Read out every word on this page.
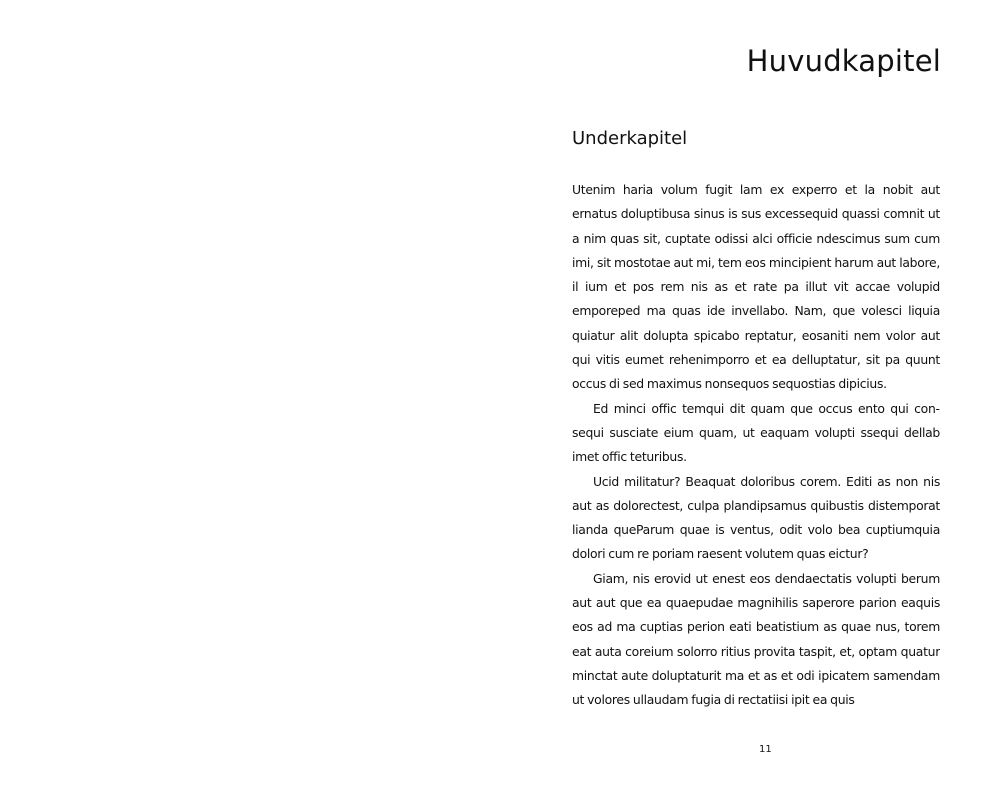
Huvudkapitel
Underkapitel

Utenim haria volum fugit lam ex experro et la nobit aut ernatus doluptibusa sinus is sus excessequid quassi comnit ut a nim quas sit, cuptate odissi alci officie ndescimus sum cum imi, sit mostotae aut mi, tem eos mincipient harum aut labore, il ium et pos rem nis as et rate pa illut vit accae volupid emporeped ma quas ide invellabo. Nam, que volesci liquia quiatur alit dolupta spicabo reptatur, eosaniti nem volor aut qui vitis eumet rehenimporro et ea delluptatur, sit pa quunt occus di sed maximus nonsequos sequostias dipicius.

Ed minci offic temqui dit quam que occus ento qui consequi susciate eium quam, ut eaquam volupti ssequi dellab imet offic teturibus.

Ucid militatur? Beaquat doloribus corem. Editi as non nis aut as dolorectest, culpa plandipsamus quibustis distemporat lianda queParum quae is ventus, odit volo bea cuptiumquia dolori cum re poriam raesent volutem quas eictur?

Giam, nis erovid ut enest eos dendaectatis volupti berum aut aut que ea quaepudae magnihilis saperore parion eaquis eos ad ma cuptias perion eati beatistium as quae nus, torem eat auta coreium solorro ritius provita taspit, et, optam quatur minctat aute doluptaturit ma et as et odi ipicatem samendam ut volores ullaudam fugia di rectatiisi ipit ea quis

11
